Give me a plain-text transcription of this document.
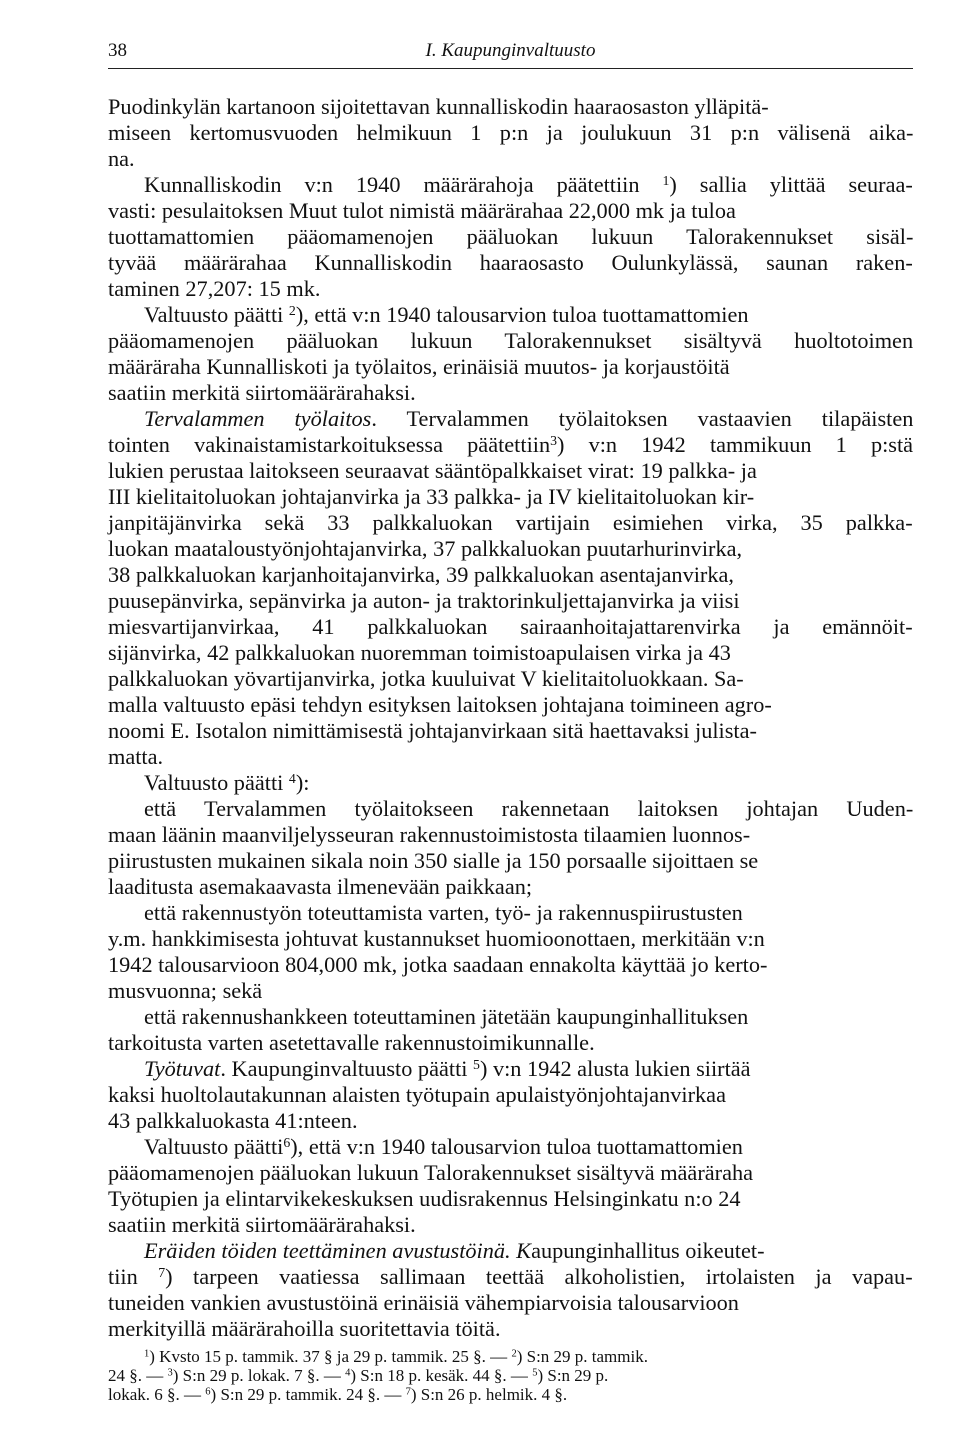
38	I. Kaupunginvaltuusto
Puodinkylän kartanoon sijoitettavan kunnalliskodin haaraosaston ylläpitä-
miseen kertomusvuoden helmikuun 1 p:n ja joulukuun 31 p:n välisenä aika-
na.
Kunnalliskodin v:n 1940 määrärahoja päätettiin $^1$) sallia ylittää seuraa-
vasti: pesulaitoksen Muut tulot nimistä määrärahaa 22,000 mk ja tuloa
tuottamattomien pääomamenojen pääluokan lukuun Talorakennukset sisäl-
tyvää määrärahaa Kunnalliskodin haaraosasto Oulunkylässä, saunan raken-
taminen 27,207: 15 mk.
Valtuusto päätti $^2$), että v:n 1940 talousarvion tuloa tuottamattomien
pääomamenojen pääluokan lukuun Talorakennukset sisältyvä huoltotoimen
määräraha Kunnalliskoti ja työlaitos, erinäisiä muutos- ja korjaustöitä
saatiin merkitä siirtomäärärahaksi.
Tervalammen työlaitos. Tervalammen työlaitoksen vastaavien tilapäisten
tointen vakinaistamistarkoituksessa päätettiin$^3$) v:n 1942 tammikuun 1 p:stä
lukien perustaa laitokseen seuraavat sääntöpalkkaiset virat: 19 palkka- ja
III kielitaitoluokan johtajanvirka ja 33 palkka- ja IV kielitaitoluokan kir-
janpitäjänvirka sekä 33 palkkaluokan vartijain esimiehen virka, 35 palkka-
luokan maataloustyönjohtajanvirka, 37 palkkaluokan puutarhurinvirka,
38 palkkaluokan karjanhoitajanvirka, 39 palkkaluokan asentajanvirka,
puusepänvirka, sepänvirka ja auton- ja traktorinkuljettajanvirka ja viisi
miesvartijanvirkaa, 41 palkkaluokan sairaanhoitajattarenvirka ja emännöit-
sijänvirka, 42 palkkaluokan nuoremman toimistoapulaisen virka ja 43
palkkaluokan yövartijanvirka, jotka kuuluivat V kielitaitoluokkaan. Sa-
malla valtuusto epäsi tehdyn esityksen laitoksen johtajana toimineen agro-
noomi E. Isotalon nimittämisestä johtajanvirkaan sitä haettavaksi julista-
matta.
Valtuusto päätti $^4$):
että Tervalammen työlaitokseen rakennetaan laitoksen johtajan Uuden-
maan läänin maanviljelysseuran rakennustoimistosta tilaamien luonnos-
piirustusten mukainen sikala noin 350 sialle ja 150 porsaalle sijoittaen se
laaditusta asemakaavasta ilmenevään paikkaan;
että rakennustyön toteuttamista varten, työ- ja rakennuspiirustusten
y.m. hankkimisesta johtuvat kustannukset huomioonottaen, merkitään v:n
1942 talousarvioon 804,000 mk, jotka saadaan ennakolta käyttää jo kerto-
musvuonna; sekä
että rakennushankkeen toteuttaminen jätetään kaupunginhallituksen
tarkoitusta varten asetettavalle rakennustoimikunnalle.
Työtuvat. Kaupunginvaltuusto päätti $^5$) v:n 1942 alusta lukien siirtää
kaksi huoltolautakunnan alaisten työtupain apulaistyönjohtajanvirkaa
43 palkkaluokasta 41:nteen.
Valtuusto päätti$^6$), että v:n 1940 talousarvion tuloa tuottamattomien
pääomamenojen pääluokan lukuun Talorakennukset sisältyvä määräraha
Työtupien ja elintarvikekeskuksen uudisrakennus Helsinginkatu n:o 24
saatiin merkitä siirtomäärärahaksi.
Eräiden töiden teettäminen avustustöinä. Kaupunginhallitus oikeutet-
tiin $^7$) tarpeen vaatiessa sallimaan teettää alkoholistien, irtolaisten ja vapau-
tuneiden vankien avustustöinä erinäisiä vähempiarvoisia talousarvioon
merkityillä määrärahoilla suoritettavia töitä.
$^1$) Kvsto 15 p. tammik. 37 § ja 29 p. tammik. 25 §. — $^2$) S:n 29 p. tammik.
24 §. — $^3$) S:n 29 p. lokak. 7 §. — $^4$) S:n 18 p. kesäk. 44 §. — $^5$) S:n 29 p.
lokak. 6 §. — $^6$) S:n 29 p. tammik. 24 §. — $^7$) S:n 26 p. helmik. 4 §.
